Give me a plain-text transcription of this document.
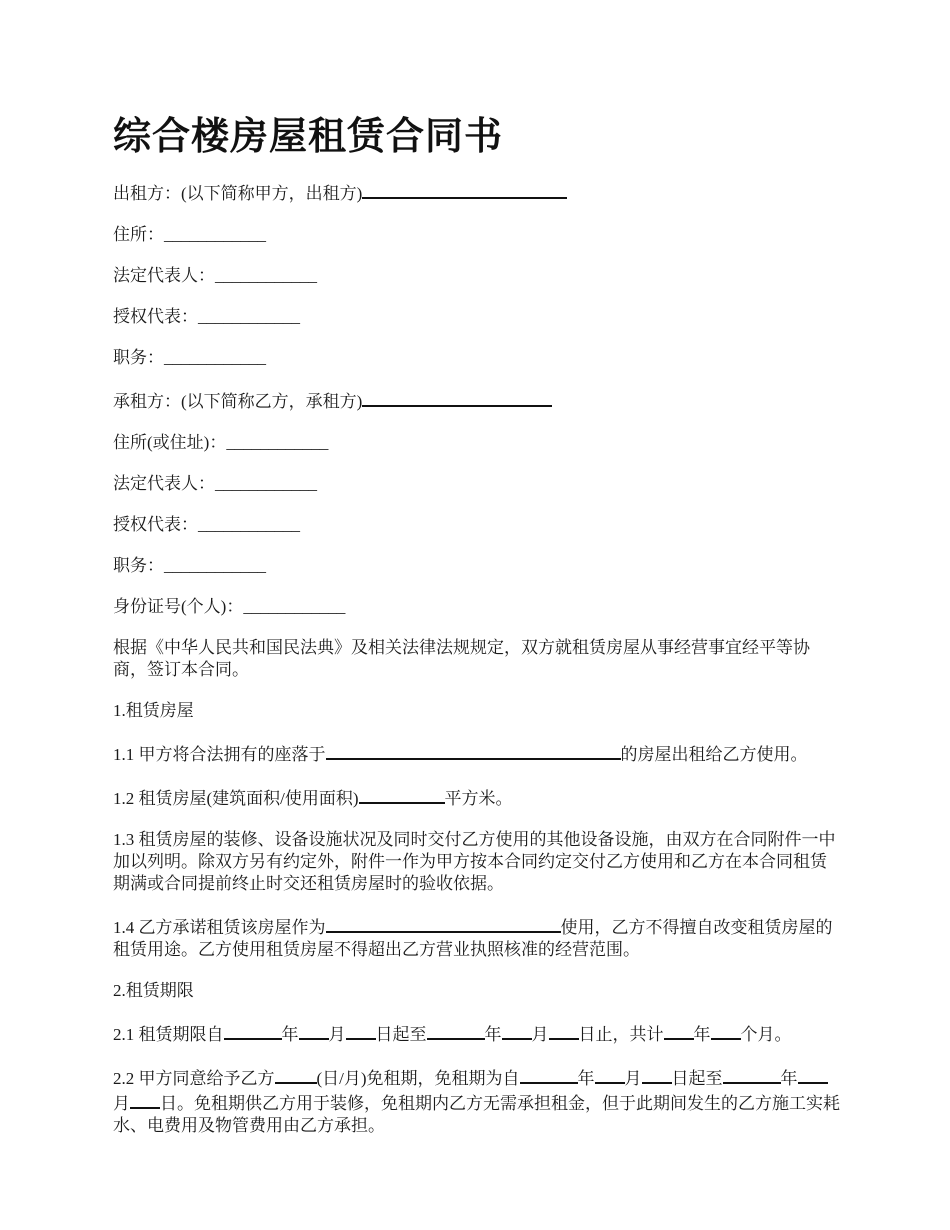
综合楼房屋租赁合同书

出租方：(以下简称甲方，出租方)

住所：____________

法定代表人：____________

授权代表：____________

职务：____________

承租方：(以下简称乙方，承租方)

住所(或住址)：____________

法定代表人：____________

授权代表：____________

职务：____________

身份证号(个人)：____________

根据《中华人民共和国民法典》及相关法律法规规定，双方就租赁房屋从事经营事宜经平等协商，签订本合同。

1.租赁房屋

1.1 甲方将合法拥有的座落于	的房屋出租给乙方使用。

1.2 租赁房屋(建筑面积/使用面积)	平方米。

1.3 租赁房屋的装修、设备设施状况及同时交付乙方使用的其他设备设施，由双方在合同附件一中加以列明。除双方另有约定外，附件一作为甲方按本合同约定交付乙方使用和乙方在本合同租赁期满或合同提前终止时交还租赁房屋时的验收依据。

1.4 乙方承诺租赁该房屋作为	使用，乙方不得擅自改变租赁房屋的租赁用途。乙方使用租赁房屋不得超出乙方营业执照核准的经营范围。

2.租赁期限

2.1 租赁期限自	年 月 日起至	年 月 日止，共计 年 个月。

2.2 甲方同意给予乙方 (日/月)免租期，免租期为自	年 月 日起至	年月 日。免租期供乙方用于装修，免租期内乙方无需承担租金，但于此期间发生的乙方施工实耗水、电费用及物管费用由乙方承担。
